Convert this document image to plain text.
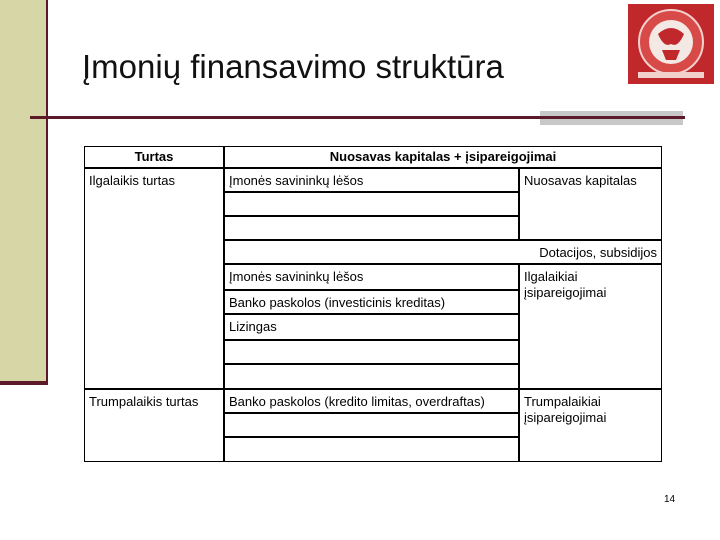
Įmonių finansavimo struktūra
Turtas	Nuosavas kapitalas + įsipareigojimai
Ilgalaikis turtas
Trumpalaikis turtas
Įmonės savininkų lėšos
Įmonės savininkų lėšos
Banko paskolos (investicinis kreditas)
Banko paskolos (kredito limitas, overdraftas)
Nuosavas kapitalas
Trumpalaikiai įsipareigojimai
Dotacijos, subsidijos
Ilgalaikiai įsipareigojimai
Lizingas
14
